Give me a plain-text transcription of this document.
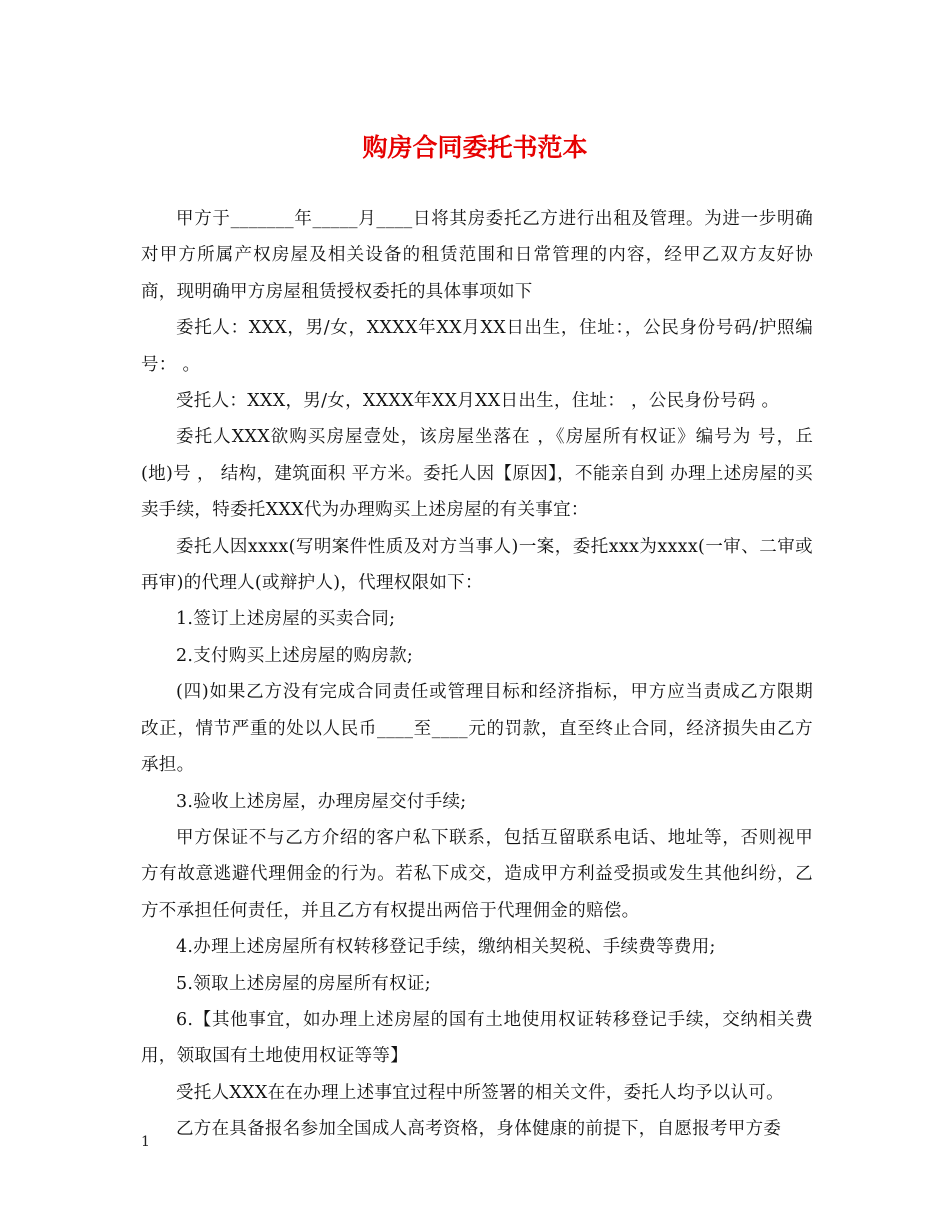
购房合同委托书范本

甲方于_______年_____月____日将其房委托乙方进行出租及管理。为进一步明确对甲方所属产权房屋及相关设备的租赁范围和日常管理的内容，经甲乙双方友好协商，现明确甲方房屋租赁授权委托的具体事项如下

委托人：XXX，男/女，XXXX年XX月XX日出生，住址：，公民身份号码/护照编号： 。

受托人：XXX，男/女，XXXX年XX月XX日出生，住址： ，公民身份号码 。

委托人XXX欲购买房屋壹处，该房屋坐落在 ，《房屋所有权证》编号为 号，丘(地)号 ， 结构，建筑面积 平方米。委托人因【原因】，不能亲自到 办理上述房屋的买卖手续，特委托XXX代为办理购买上述房屋的有关事宜：

委托人因xxxx(写明案件性质及对方当事人)一案，委托xxx为xxxx(一审、二审或再审)的代理人(或辩护人)，代理权限如下：

1.签订上述房屋的买卖合同;

2.支付购买上述房屋的购房款;

(四)如果乙方没有完成合同责任或管理目标和经济指标，甲方应当责成乙方限期改正，情节严重的处以人民币____至____元的罚款，直至终止合同，经济损失由乙方承担。

3.验收上述房屋，办理房屋交付手续;

甲方保证不与乙方介绍的客户私下联系，包括互留联系电话、地址等，否则视甲方有故意逃避代理佣金的行为。若私下成交，造成甲方利益受损或发生其他纠纷，乙方不承担任何责任，并且乙方有权提出两倍于代理佣金的赔偿。

4.办理上述房屋所有权转移登记手续，缴纳相关契税、手续费等费用;

5.领取上述房屋的房屋所有权证;

6.【其他事宜，如办理上述房屋的国有土地使用权证转移登记手续，交纳相关费用，领取国有土地使用权证等等】

受托人XXX在在办理上述事宜过程中所签署的相关文件，委托人均予以认可。

乙方在具备报名参加全国成人高考资格，身体健康的前提下，自愿报考甲方委

1
